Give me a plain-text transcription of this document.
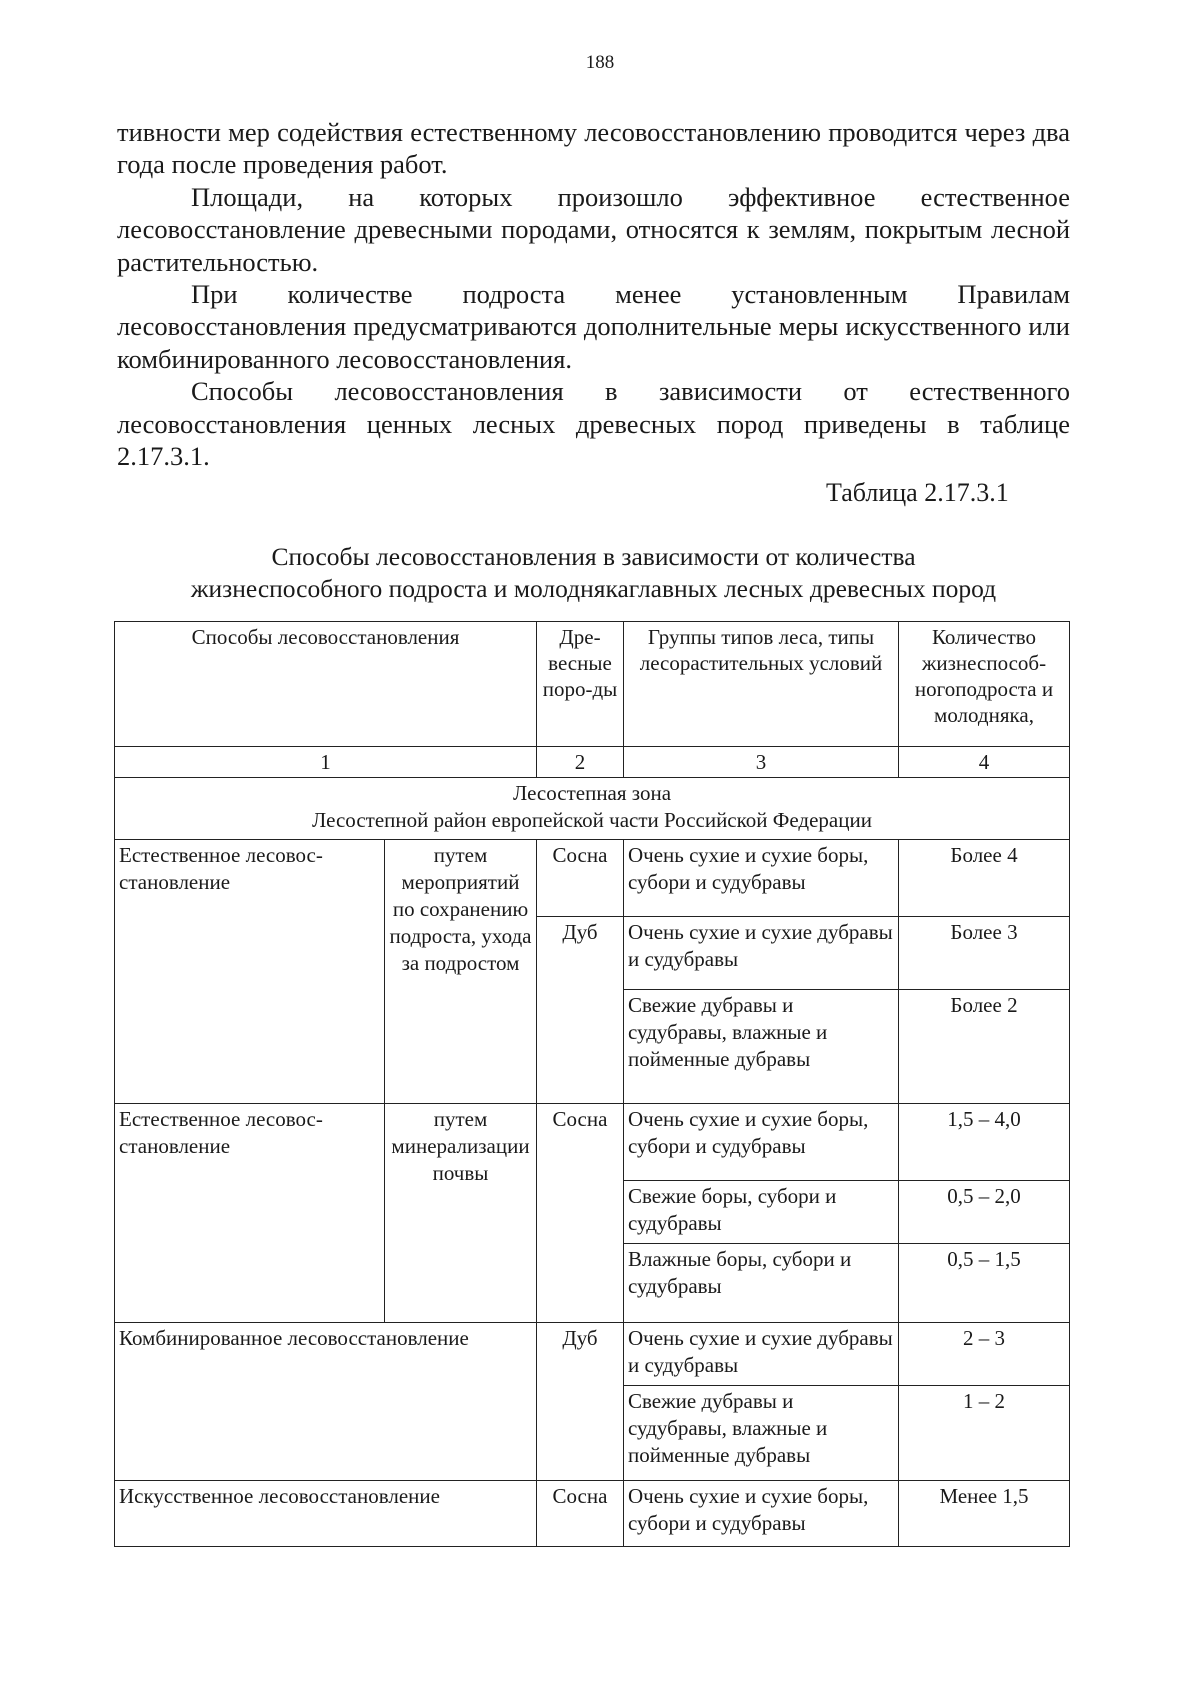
188

тивности мер содействия естественному лесовосстановлению проводится через два года после проведения работ.

Площади, на которых произошло эффективное естественное лесовосстановление древесными породами, относятся к землям, покрытым лесной растительностью.

При количестве подроста менее установленным Правилам лесовосстановления предусматриваются дополнительные меры искусственного или комбинированного лесовосстановления.

Способы лесовосстановления в зависимости от естественного лесовосстановления ценных лесных древесных пород приведены в таблице 2.17.3.1.

Таблица 2.17.3.1
Способы лесовосстановления в зависимости от количества
жизнеспособного подроста и молоднякаглавных лесных древесных пород
Способы лесовосстановления		Дре-весные поро-ды	Группы типов леса, типы лесорастительных условий	Количество жизнеспособ-ногоподроста и молодняка,
1		2	3	4

Лесостепная зона
Лесостепной район европейской части Российской Федерации				

Естественное лесовос-становление	путем мероприятий по сохранению подроста, ухода за подростом	Сосна	Очень сухие и сухие боры, субори и судубравы	Более 4
		Дуб	Очень сухие и сухие дубравы и судубравы	Более 3
			Свежие дубравы и судубравы, влажные и пойменные дубравы	Более 2
Естественное лесовос-становление	путем минерализации почвы	Сосна	Очень сухие и сухие боры, субори и судубравы	1,5 – 4,0
			Свежие боры, субори и судубравы	0,5 – 2,0
			Влажные боры, субори и судубравы	0,5 – 1,5
Комбинированное лесовосстановление		Дуб	Очень сухие и сухие дубравы и судубравы	2 – 3
			Свежие дубравы и судубравы, влажные и пойменные дубравы	1 – 2
Искусственное лесовосстановление		Сосна	Очень сухие и сухие боры, субори и судубравы	Менее 1,5
